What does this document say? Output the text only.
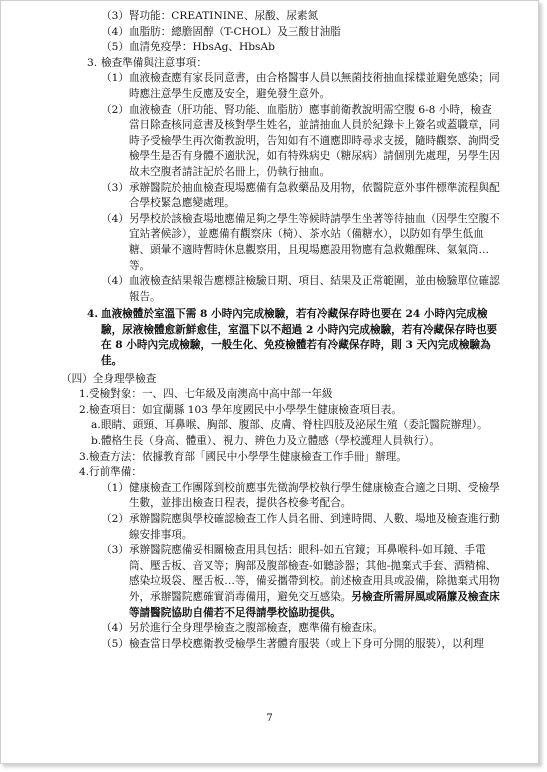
（3） 腎功能：CREATININE、尿酸、尿素氮
（4） 血脂肪：總膽固醇（T-CHOL）及三酸甘油脂
（5） 血清免疫學：HbsAg、HbsAb
3. 檢查準備與注意事項：
（1） 血液檢查應有家長同意書，由合格醫事人員以無菌技術抽血採樣並避免感染；同時應注意學生反應及安全，避免發生意外。
（2） 血液檢查（肝功能、腎功能、血脂肪）應事前衛教說明需空腹 6-8 小時，檢查當日除查核同意書及核對學生姓名，並請抽血人員於紀錄卡上簽名或蓋職章，同時予受檢學生再次衛教說明，告知如有不適應即時尋求支援，隨時觀察、詢問受檢學生是否有身體不適狀況，如有特殊病史（糖尿病）請個別先處理，另學生因故未空腹者請註記於名冊上，仍執行抽血。
（3） 承辦醫院於抽血檢查現場應備有急救藥品及用物，依醫院意外事件標準流程與配合學校緊急應變處理。
（4） 另學校於該檢查場地應備足夠之學生等候時請學生坐著等待抽血（因學生空腹不宜站著候診），並應備有觀察床（椅）、茶水站（備糖水），以防如有學生低血糖、頭暈不適時暫時休息觀察用，且現場應設用物應有急救難醒珠、氣氣筒…等。
（4） 血液檢查結果報告應標註檢驗日期、項目、結果及正常範圍，並由檢驗單位確認報告。
4. 血液檢體於室溫下需 8 小時內完成檢驗，若有冷藏保存時也要在 24 小時內完成檢驗，尿液檢體愈新鮮愈佳，室溫下以不超過 2 小時內完成檢驗，若有冷藏保存時也要在 8 小時內完成檢驗，一般生化、免疫檢體若有冷藏保存時，則 3 天內完成檢驗為佳。
（四） 全身理學檢查
1. 受檢對象：一、四、七年級及南澳高中高中部一年級
2. 檢查項目：如宜蘭縣 103 學年度國民中小學學生健康檢查項目表。
a. 眼睛、頭頸、耳鼻喉、胸部、腹部、皮膚、脊柱四肢及泌尿生殖（委託醫院辦理）。
b. 體格生長（身高、體重）、視力、辨色力及立體感（學校護理人員執行）。
3. 檢查方法：依據教育部「國民中小學學生健康檢查工作手冊」辦理。
4. 行前準備：
（1） 健康檢查工作團隊到校前應事先徵詢學校執行學生健康檢查合適之日期、受檢學生數，並排出檢查日程表，提供各校參考配合。
（2） 承辦醫院應與學校確認檢查工作人員名冊、到達時間、人數、場地及檢查進行動線安排事項。
（3） 承辦醫院應備妥相關檢查用具包括：眼科-如五官鏡；耳鼻喉科-如耳鏡、手電筒、壓舌板、音叉等；胸部及腹部檢查-如聽診器；其他-拋棄式手套、酒精棉、感染垃圾袋、壓舌板…等，備妥攜帶到校。前述檢查用具或設備，除拋棄式用物外，承辦醫院應確實消毒備用，避免交互感染。另檢查所需屏風或隔簾及檢查床等請醫院協助自備若不足得請學校協助提供。
（4） 另於進行全身理學檢查之腹部檢查，應準備有檢查床。
（5） 檢查當日學校應衛教受檢學生著體育服裝（或上下身可分開的服裝），以利理
7
